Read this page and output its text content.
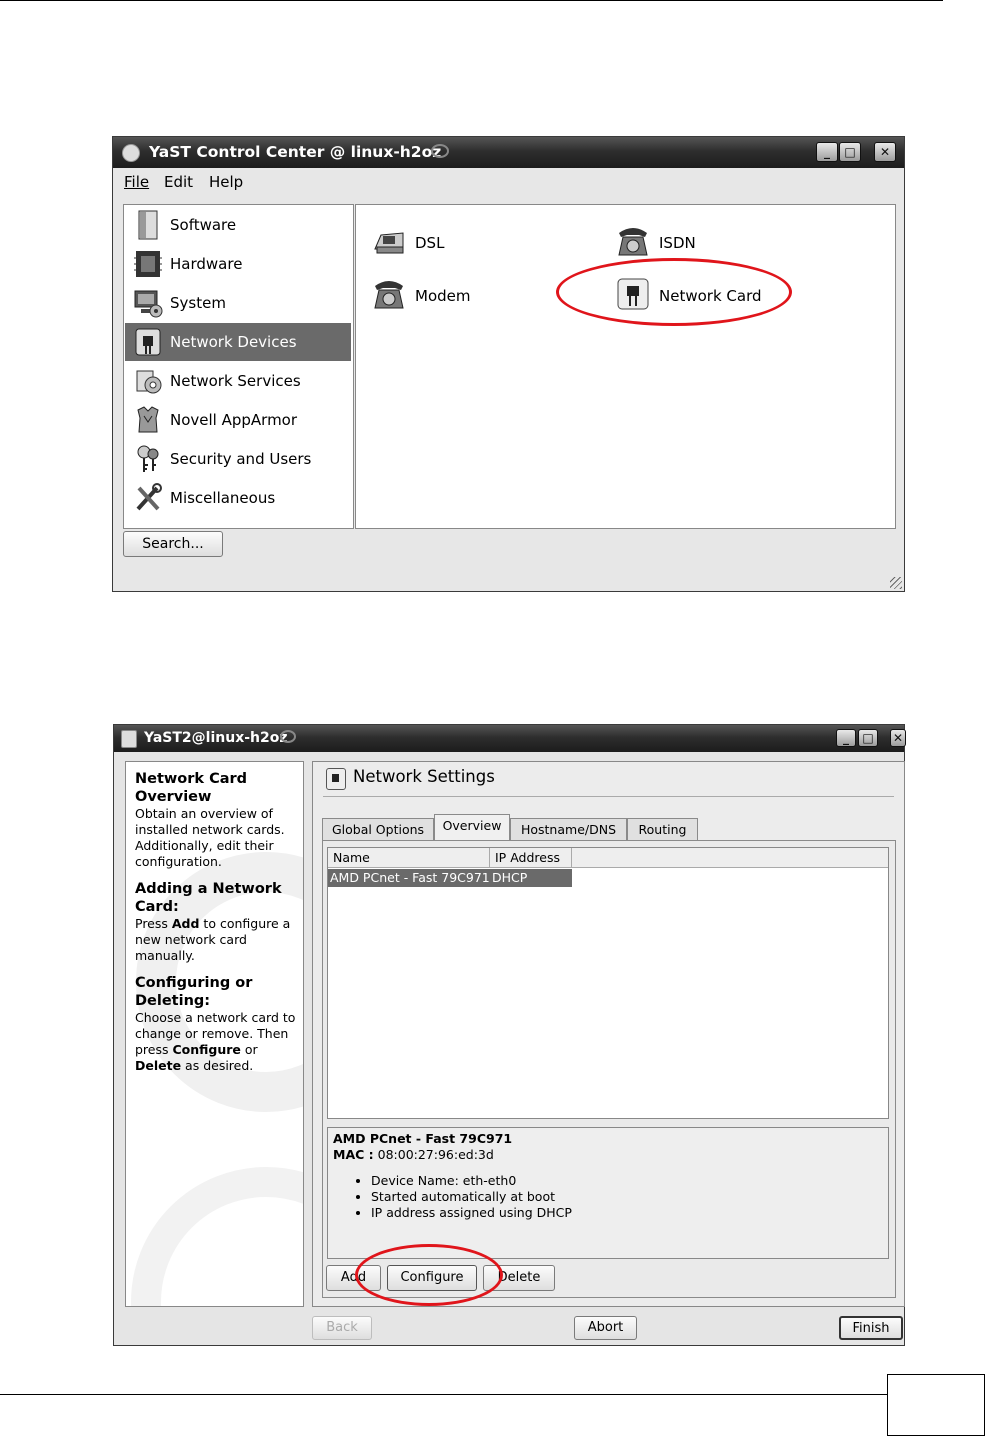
YaST Control Center @ linux-h2oz	_	□	✕
File Edit Help
Software
Hardware
System
Network Devices
Network Services
Novell AppArmor
Security and Users
Miscellaneous
DSL	ISDN
Modem	Network Card
Search...
YaST2@linux-h2oz	_	□	✕
Network Card Overview

Obtain an overview of installed network cards. Additionally, edit their configuration.

Adding a Network Card:

Press Add to configure a new network card manually.

Configuring or Deleting:

Choose a network card to change or remove. Then press Configure or Delete as desired.

Network Settings
Global Options	Overview	Hostname/DNS	Routing
Name	IP Address
AMD PCnet - Fast 79C971 DHCP
AMD PCnet - Fast 79C971
MAC : 08:00:27:96:ed:3d
• Device Name: eth-eth0
• Started automatically at boot
• IP address assigned using DHCP
Add	Configure	Delete
Back	Abort	Finish
